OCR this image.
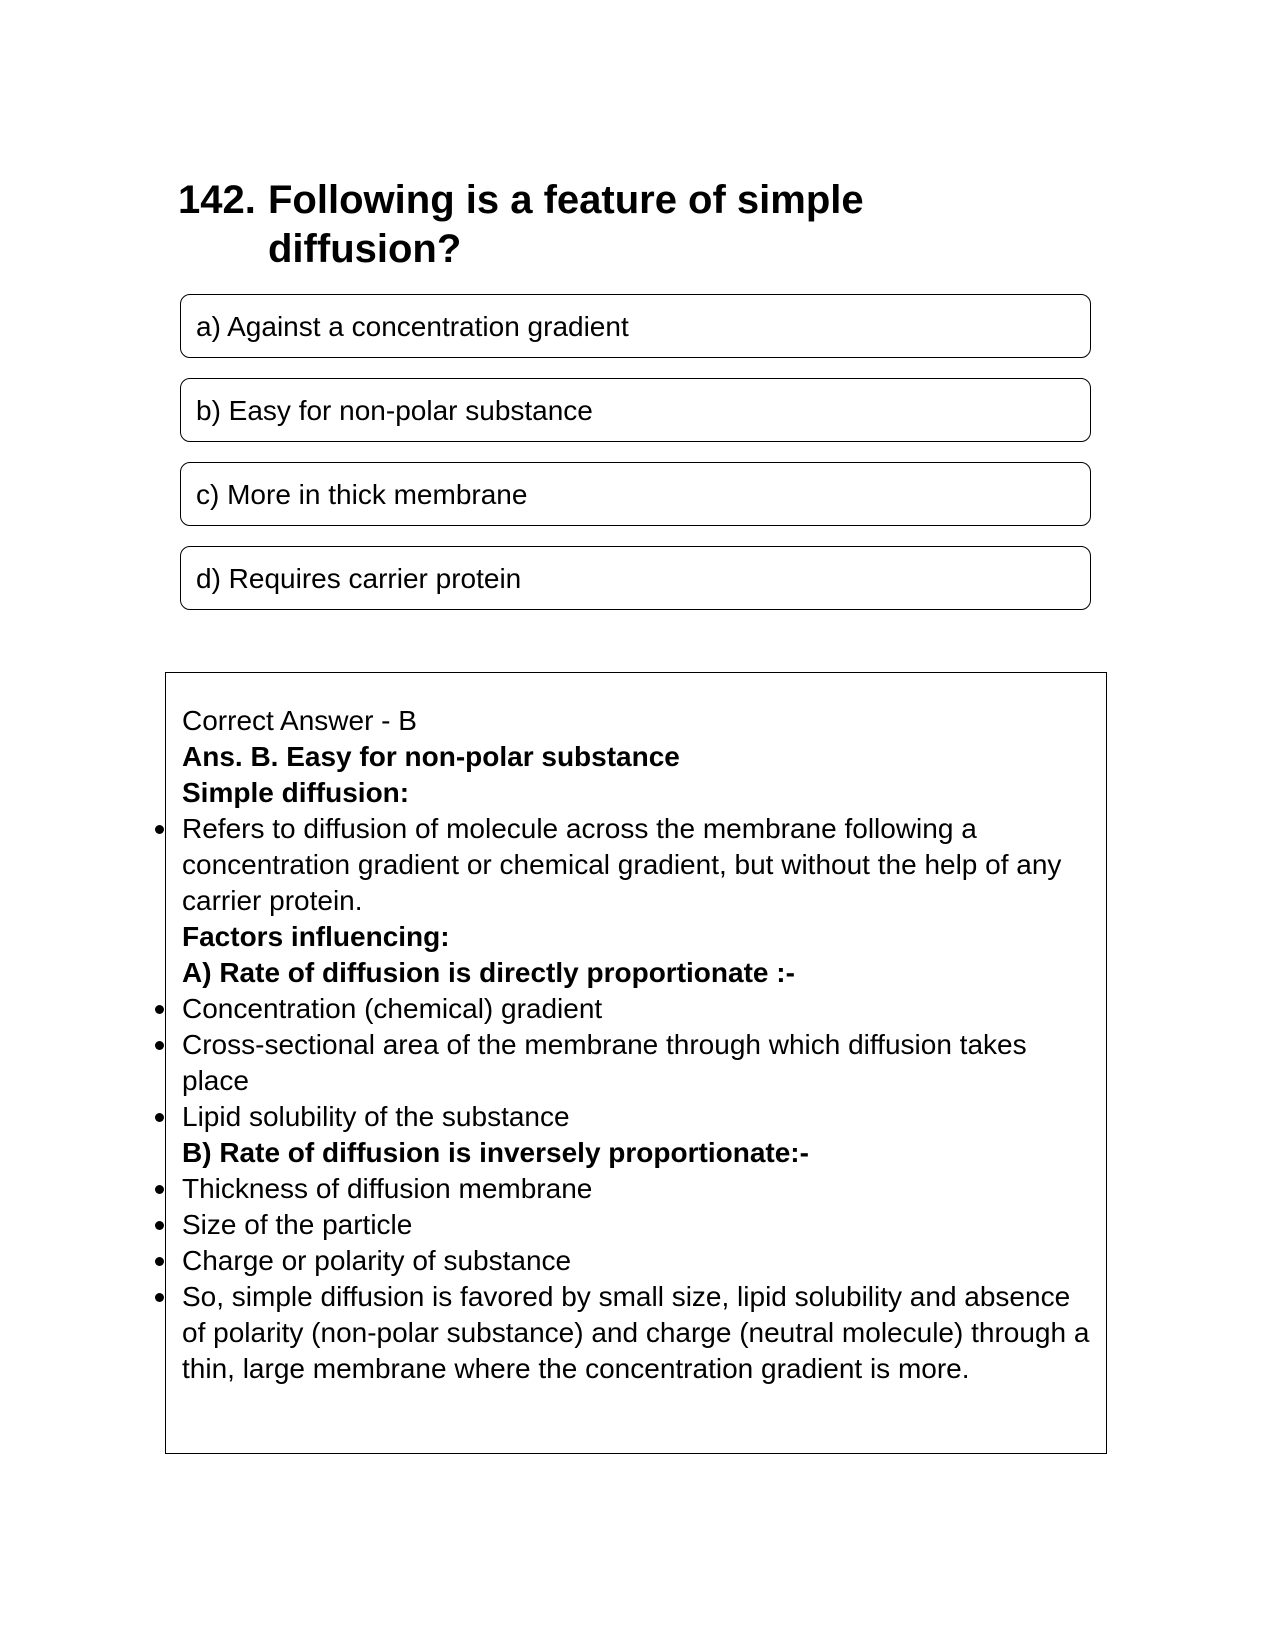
142. Following is a feature of simple diffusion?
a) Against a concentration gradient
b) Easy for non-polar substance
c) More in thick membrane
d) Requires carrier protein
Correct Answer - B
Ans. B. Easy for non-polar substance
Simple diffusion:
Refers to diffusion of molecule across the membrane following a concentration gradient or chemical gradient, but without the help of any carrier protein.
Factors influencing:
A) Rate of diffusion is directly proportionate :-
Concentration (chemical) gradient
Cross-sectional area of the membrane through which diffusion takes place
Lipid solubility of the substance
B) Rate of diffusion is inversely proportionate:-
Thickness of diffusion membrane
Size of the particle
Charge or polarity of substance
So, simple diffusion is favored by small size, lipid solubility and absence of polarity (non-polar substance) and charge (neutral molecule) through a thin, large membrane where the concentration gradient is more.
